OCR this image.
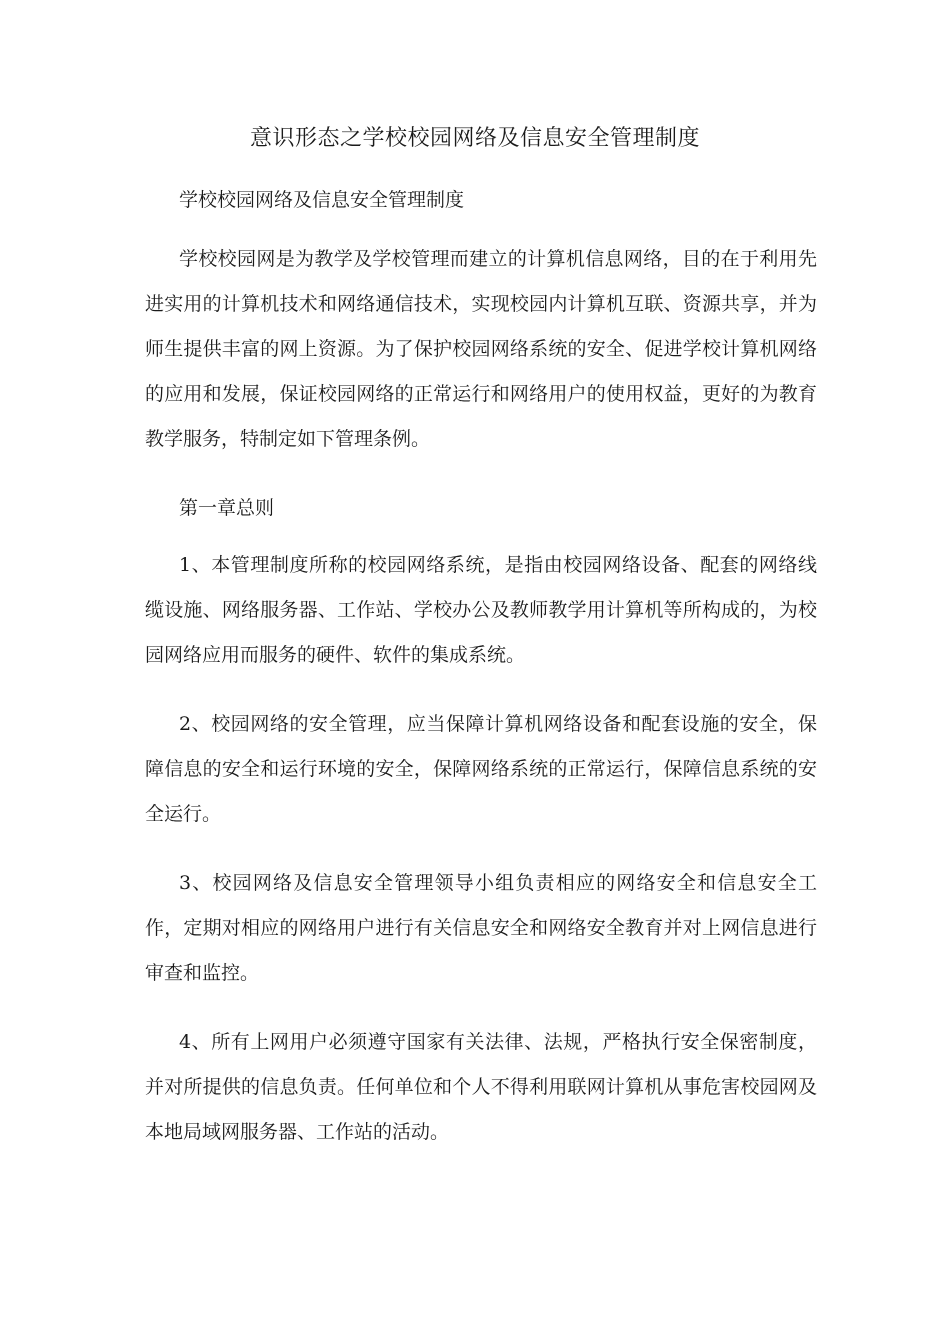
意识形态之学校校园网络及信息安全管理制度

学校校园网络及信息安全管理制度

学校校园网是为教学及学校管理而建立的计算机信息网络，目的在于利用先进实用的计算机技术和网络通信技术，实现校园内计算机互联、资源共享，并为师生提供丰富的网上资源。为了保护校园网络系统的安全、促进学校计算机网络的应用和发展，保证校园网络的正常运行和网络用户的使用权益，更好的为教育教学服务，特制定如下管理条例。

第一章总则

1、本管理制度所称的校园网络系统，是指由校园网络设备、配套的网络线缆设施、网络服务器、工作站、学校办公及教师教学用计算机等所构成的，为校园网络应用而服务的硬件、软件的集成系统。

2、校园网络的安全管理，应当保障计算机网络设备和配套设施的安全，保障信息的安全和运行环境的安全，保障网络系统的正常运行，保障信息系统的安全运行。

3、校园网络及信息安全管理领导小组负责相应的网络安全和信息安全工作，定期对相应的网络用户进行有关信息安全和网络安全教育并对上网信息进行审查和监控。

4、所有上网用户必须遵守国家有关法律、法规，严格执行安全保密制度，并对所提供的信息负责。任何单位和个人不得利用联网计算机从事危害校园网及本地局域网服务器、工作站的活动。
